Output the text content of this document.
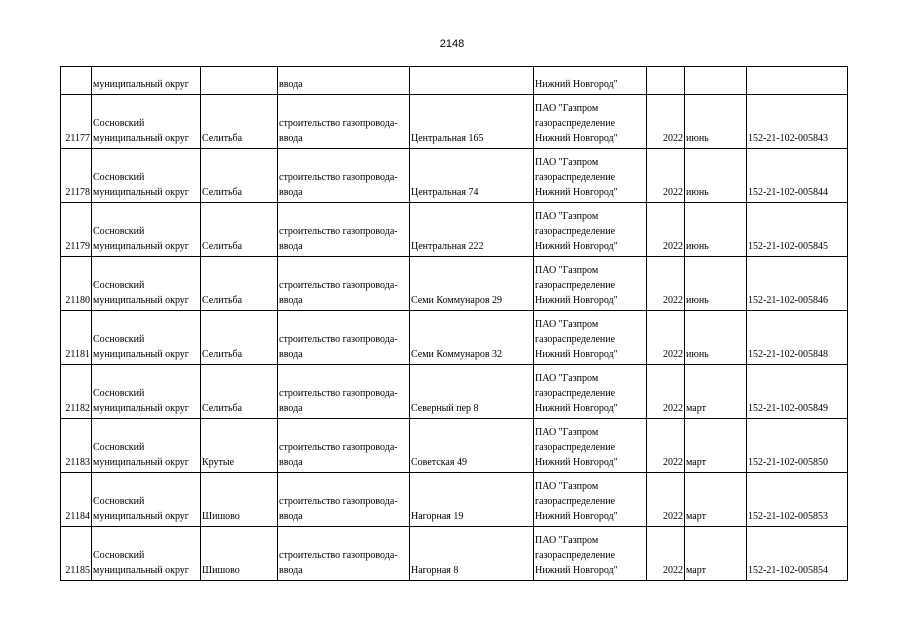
2148

	муниципальный округ		ввода		Нижний Новгород"			

21177	Сосновский
муниципальный округ	Селитьба	строительство газопровода-
ввода	Центральная 165	ПАО "Газпром
газораспределение
Нижний Новгород"	2022	июнь	152-21-102-005843

21178	Сосновский
муниципальный округ	Селитьба	строительство газопровода-
ввода	Центральная 74	ПАО "Газпром
газораспределение
Нижний Новгород"	2022	июнь	152-21-102-005844

21179	Сосновский
муниципальный округ	Селитьба	строительство газопровода-
ввода	Центральная 222	ПАО "Газпром
газораспределение
Нижний Новгород"	2022	июнь	152-21-102-005845

21180	Сосновский
муниципальный округ	Селитьба	строительство газопровода-
ввода	Семи Коммунаров 29	ПАО "Газпром
газораспределение
Нижний Новгород"	2022	июнь	152-21-102-005846

21181	Сосновский
муниципальный округ	Селитьба	строительство газопровода-
ввода	Семи Коммунаров 32	ПАО "Газпром
газораспределение
Нижний Новгород"	2022	июнь	152-21-102-005848

21182	Сосновский
муниципальный округ	Селитьба	строительство газопровода-
ввода	Северный пер 8	ПАО "Газпром
газораспределение
Нижний Новгород"	2022	март	152-21-102-005849

21183	Сосновский
муниципальный округ	Крутые	строительство газопровода-
ввода	Советская 49	ПАО "Газпром
газораспределение
Нижний Новгород"	2022	март	152-21-102-005850

21184	Сосновский
муниципальный округ	Шишово	строительство газопровода-
ввода	Нагорная 19	ПАО "Газпром
газораспределение
Нижний Новгород"	2022	март	152-21-102-005853

21185	Сосновский
муниципальный округ	Шишово	строительство газопровода-
ввода	Нагорная 8	ПАО "Газпром
газораспределение
Нижний Новгород"	2022	март	152-21-102-005854
